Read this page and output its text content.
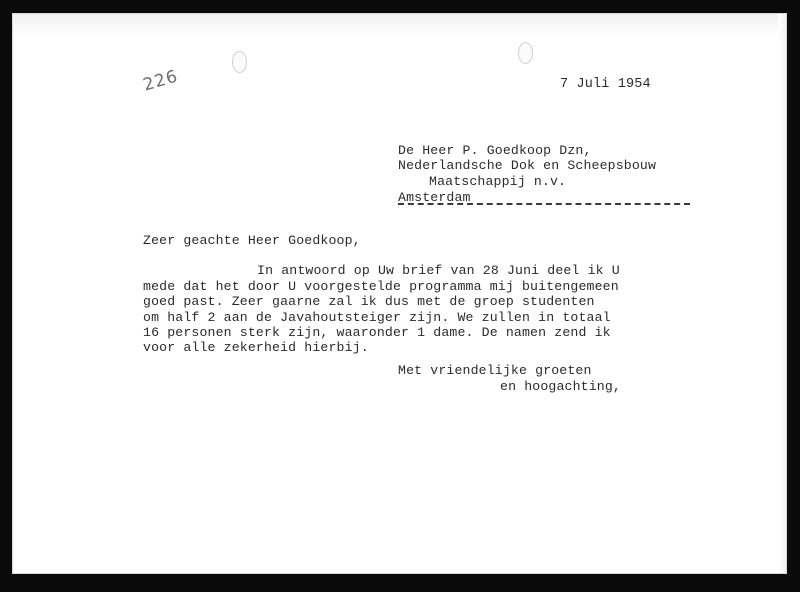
226	7 Juli 1954
De Heer P. Goedkoop Dzn,
Nederlandsche Dok en Scheepsbouw
Maatschappij n.v.
Amsterdam
Zeer geachte Heer Goedkoop,
In antwoord op Uw brief van 28 Juni deel ik U
mede dat het door U voorgestelde programma mij buitengemeen
goed past. Zeer gaarne zal ik dus met de groep studenten
om half 2 aan de Javahoutsteiger zijn. We zullen in totaal
16 personen sterk zijn, waaronder 1 dame. De namen zend ik
voor alle zekerheid hierbij.
Met vriendelijke groeten
en hoogachting,
